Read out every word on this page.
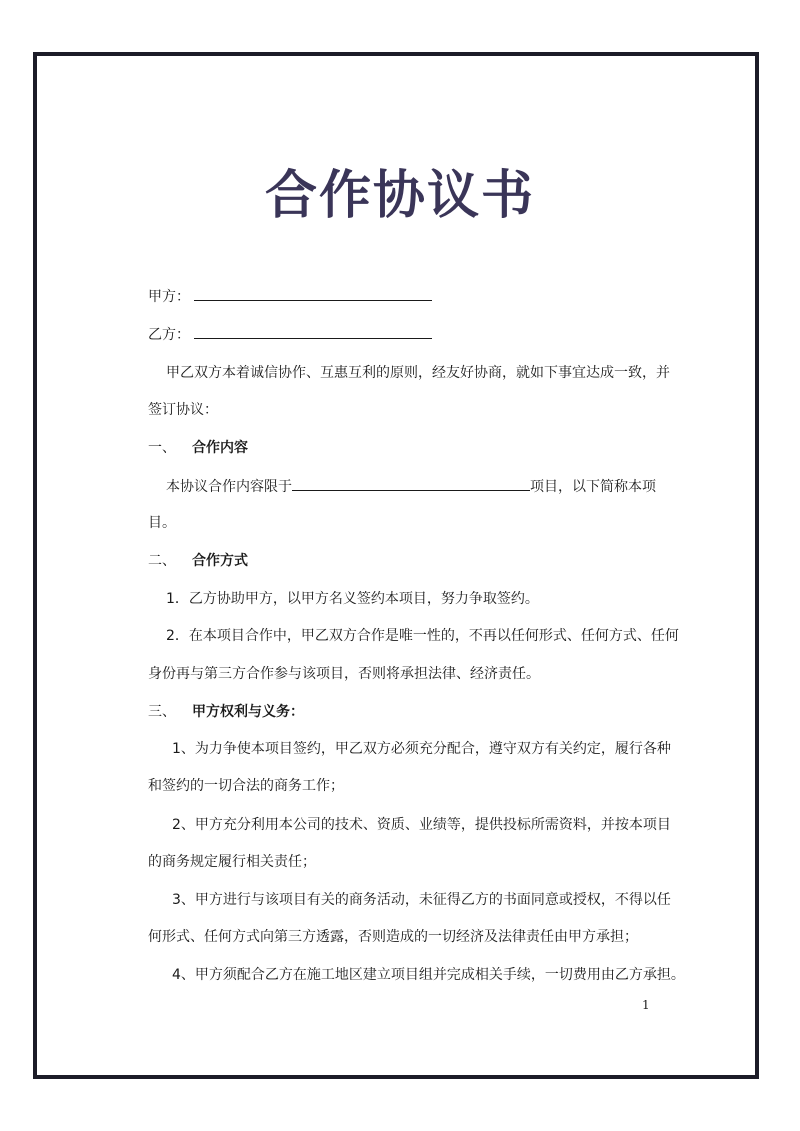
合作协议书
甲方：
乙方：
甲乙双方本着诚信协作、互惠互利的原则，经友好协商，就如下事宜达成一致，并
签订协议：
一、 合作内容
本协议合作内容限于	项目，以下简称本项
目。
二、 合作方式
1．乙方协助甲方，以甲方名义签约本项目，努力争取签约。
2．在本项目合作中，甲乙双方合作是唯一性的，不再以任何形式、任何方式、任何
身份再与第三方合作参与该项目，否则将承担法律、经济责任。
三、 甲方权利与义务：
1、为力争使本项目签约，甲乙双方必须充分配合，遵守双方有关约定，履行各种
和签约的一切合法的商务工作；
2、甲方充分利用本公司的技术、资质、业绩等，提供投标所需资料，并按本项目
的商务规定履行相关责任；
3、甲方进行与该项目有关的商务活动，未征得乙方的书面同意或授权，不得以任
何形式、任何方式向第三方透露，否则造成的一切经济及法律责任由甲方承担；
4、甲方须配合乙方在施工地区建立项目组并完成相关手续，一切费用由乙方承担。
1
